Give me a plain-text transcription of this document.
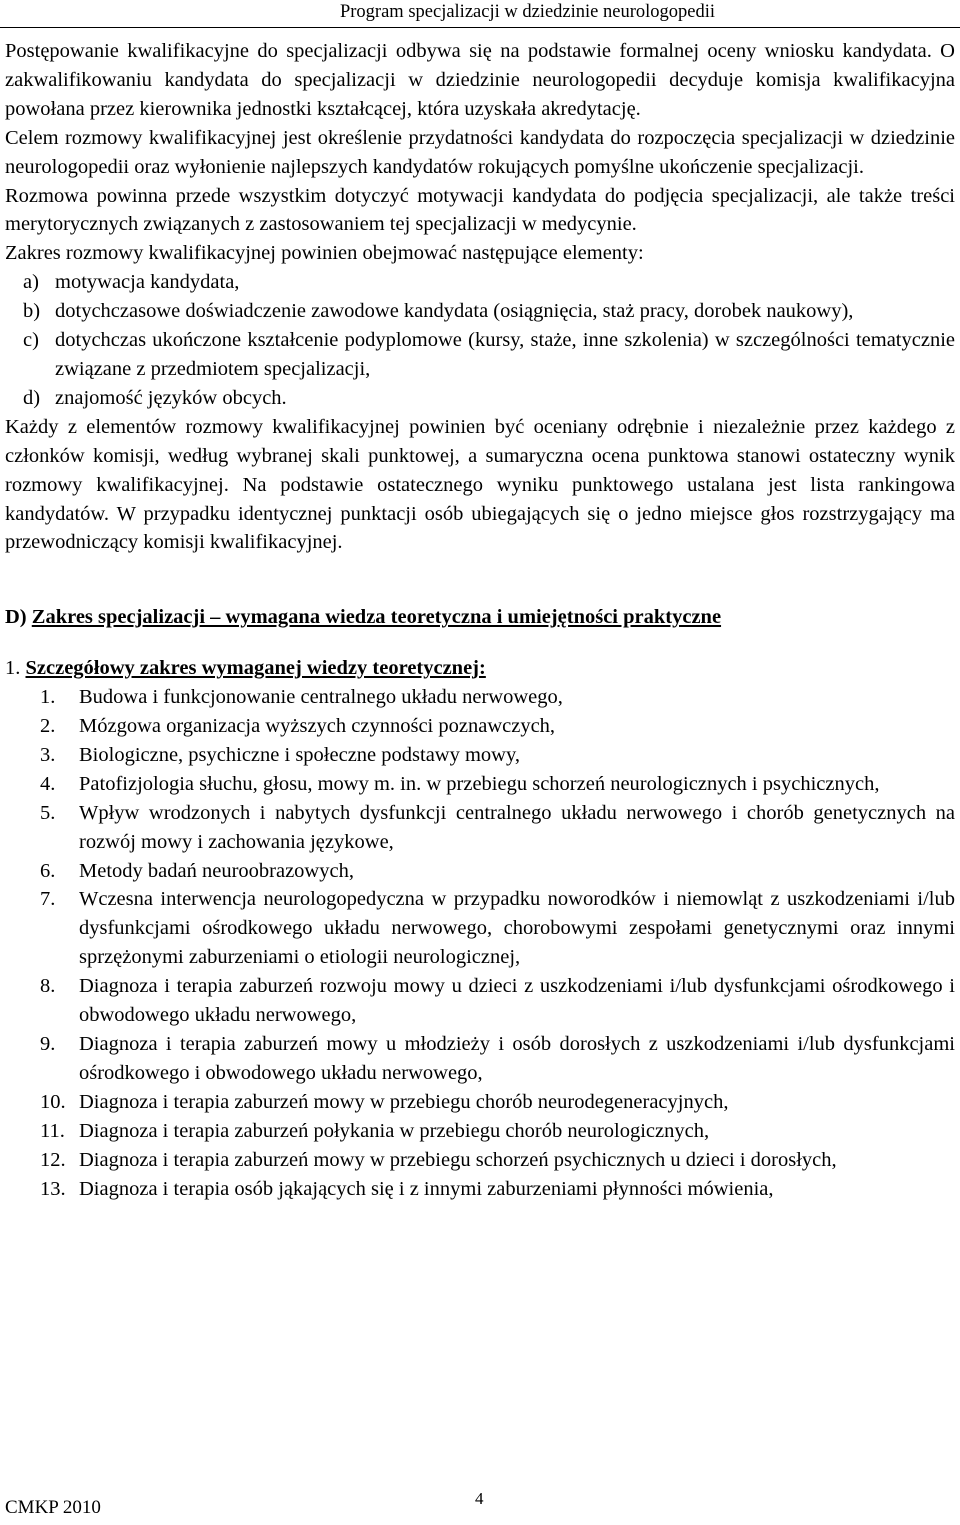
Program specjalizacji w dziedzinie neurologopedii

Postępowanie kwalifikacyjne do specjalizacji odbywa się na podstawie formalnej oceny wniosku kandydata. O zakwalifikowaniu kandydata do specjalizacji w dziedzinie neurologopedii decyduje komisja kwalifikacyjna powołana przez kierownika jednostki kształcącej, która uzyskała akredytację.

Celem rozmowy kwalifikacyjnej jest określenie przydatności kandydata do rozpoczęcia specjalizacji w dziedzinie neurologopedii oraz wyłonienie najlepszych kandydatów rokujących pomyślne ukończenie specjalizacji.

Rozmowa powinna przede wszystkim dotyczyć motywacji kandydata do podjęcia specjalizacji, ale także treści merytorycznych związanych z zastosowaniem tej specjalizacji w medycynie.

Zakres rozmowy kwalifikacyjnej powinien obejmować następujące elementy:

a) motywacja kandydata,
b) dotychczasowe doświadczenie zawodowe kandydata (osiągnięcia, staż pracy, dorobek naukowy),
c) dotychczas ukończone kształcenie podyplomowe (kursy, staże, inne szkolenia) w szczególności tematycznie związane z przedmiotem specjalizacji,
d) znajomość języków obcych.

Każdy z elementów rozmowy kwalifikacyjnej powinien być oceniany odrębnie i niezależnie przez każdego z członków komisji, według wybranej skali punktowej, a sumaryczna ocena punktowa stanowi ostateczny wynik rozmowy kwalifikacyjnej. Na podstawie ostatecznego wyniku punktowego ustalana jest lista rankingowa kandydatów. W przypadku identycznej punktacji osób ubiegających się o jedno miejsce głos rozstrzygający ma przewodniczący komisji kwalifikacyjnej.

D) Zakres specjalizacji – wymagana wiedza teoretyczna i umiejętności praktyczne

1. Szczegółowy zakres wymaganej wiedzy teoretycznej:

1.	Budowa i funkcjonowanie centralnego układu nerwowego,
2.	Mózgowa organizacja wyższych czynności poznawczych,
3.	Biologiczne, psychiczne i społeczne podstawy mowy,
4.	Patofizjologia słuchu, głosu, mowy m. in. w przebiegu schorzeń neurologicznych i psychicznych,
5.	Wpływ wrodzonych i nabytych dysfunkcji centralnego układu nerwowego i chorób genetycznych na rozwój mowy i zachowania językowe,
6.	Metody badań neuroobrazowych,
7.	Wczesna interwencja neurologopedyczna w przypadku noworodków i niemowląt z uszkodzeniami i/lub dysfunkcjami ośrodkowego układu nerwowego, chorobowymi zespołami genetycznymi oraz innymi sprzężonymi zaburzeniami o etiologii neurologicznej,
8.	Diagnoza i terapia zaburzeń rozwoju mowy u dzieci z uszkodzeniami i/lub dysfunkcjami ośrodkowego i obwodowego układu nerwowego,
9.	Diagnoza i terapia zaburzeń mowy u młodzieży i osób dorosłych z uszkodzeniami i/lub dysfunkcjami ośrodkowego i obwodowego układu nerwowego,
10. Diagnoza i terapia zaburzeń mowy w przebiegu chorób neurodegeneracyjnych,
11. Diagnoza i terapia zaburzeń połykania w przebiegu chorób neurologicznych,
12. Diagnoza i terapia zaburzeń mowy w przebiegu schorzeń psychicznych u dzieci i dorosłych,
13. Diagnoza i terapia osób jąkających się i z innymi zaburzeniami płynności mówienia,
CMKP 2010	4
